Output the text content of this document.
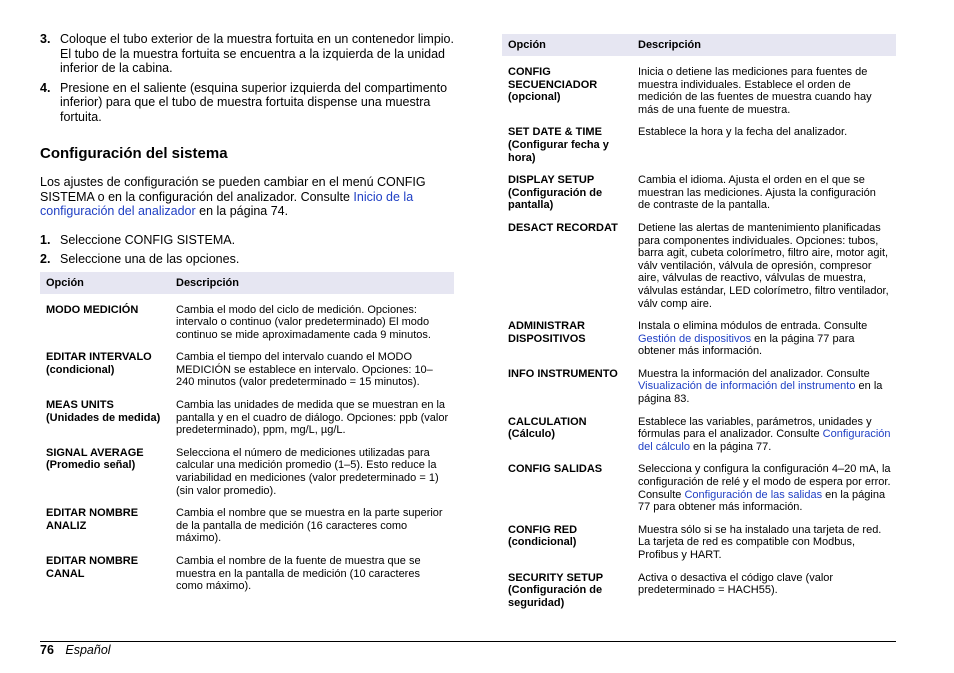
3. Coloque el tubo exterior de la muestra fortuita en un contenedor limpio. El tubo de la muestra fortuita se encuentra a la izquierda de la unidad inferior de la cabina.
4. Presione en el saliente (esquina superior izquierda del compartimento inferior) para que el tubo de muestra fortuita dispense una muestra fortuita.
Configuración del sistema

Los ajustes de configuración se pueden cambiar en el menú CONFIG SISTEMA o en la configuración del analizador. Consulte Inicio de la configuración del analizador en la página 74.

1. Seleccione CONFIG SISTEMA.
2. Seleccione una de las opciones.
Opción	Descripción

MODO MEDICIÓN	Cambia el modo del ciclo de medición. Opciones: intervalo o continuo (valor predeterminado) El modo continuo se mide aproximadamente cada 9 minutos.

EDITAR INTERVALO (condicional)	Cambia el tiempo del intervalo cuando el MODO MEDICIÓN se establece en intervalo. Opciones: 10–240 minutos (valor predeterminado = 15 minutos).

MEAS UNITS (Unidades de medida)	Cambia las unidades de medida que se muestran en la pantalla y en el cuadro de diálogo. Opciones: ppb (valor predeterminado), ppm, mg/L, µg/L.

SIGNAL AVERAGE (Promedio señal)	Selecciona el número de mediciones utilizadas para calcular una medición promedio (1–5). Esto reduce la variabilidad en mediciones (valor predeterminado = 1) (sin valor promedio).

EDITAR NOMBRE ANALIZ	Cambia el nombre que se muestra en la parte superior de la pantalla de medición (16 caracteres como máximo).

EDITAR NOMBRE CANAL	Cambia el nombre de la fuente de muestra que se muestra en la pantalla de medición (10 caracteres como máximo).
Opción	Descripción

CONFIG SECUENCIADOR (opcional)	Inicia o detiene las mediciones para fuentes de muestra individuales. Establece el orden de medición de las fuentes de muestra cuando hay más de una fuente de muestra.

SET DATE & TIME (Configurar fecha y hora)	Establece la hora y la fecha del analizador.

DISPLAY SETUP (Configuración de pantalla)	Cambia el idioma. Ajusta el orden en el que se muestran las mediciones. Ajusta la configuración de contraste de la pantalla.

DESACT RECORDAT	Detiene las alertas de mantenimiento planificadas para componentes individuales. Opciones: tubos, barra agit, cubeta colorímetro, filtro aire, motor agit, válv ventilación, válvula de opresión, compresor aire, válvulas de reactivo, válvulas de muestra, válvulas estándar, LED colorímetro, filtro ventilador, válv comp aire.

ADMINISTRAR DISPOSITIVOS	Instala o elimina módulos de entrada. Consulte Gestión de dispositivos en la página 77 para obtener más información.

INFO INSTRUMENTO	Muestra la información del analizador. Consulte Visualización de información del instrumento en la página 83.

CALCULATION (Cálculo)	Establece las variables, parámetros, unidades y fórmulas para el analizador. Consulte Configuración del cálculo en la página 77.

CONFIG SALIDAS	Selecciona y configura la configuración 4–20 mA, la configuración de relé y el modo de espera por error. Consulte Configuración de las salidas en la página 77 para obtener más información.

CONFIG RED (condicional)	Muestra sólo si se ha instalado una tarjeta de red. La tarjeta de red es compatible con Modbus, Profibus y HART.

SECURITY SETUP (Configuración de seguridad)	Activa o desactiva el código clave (valor predeterminado = HACH55).
76 Español
